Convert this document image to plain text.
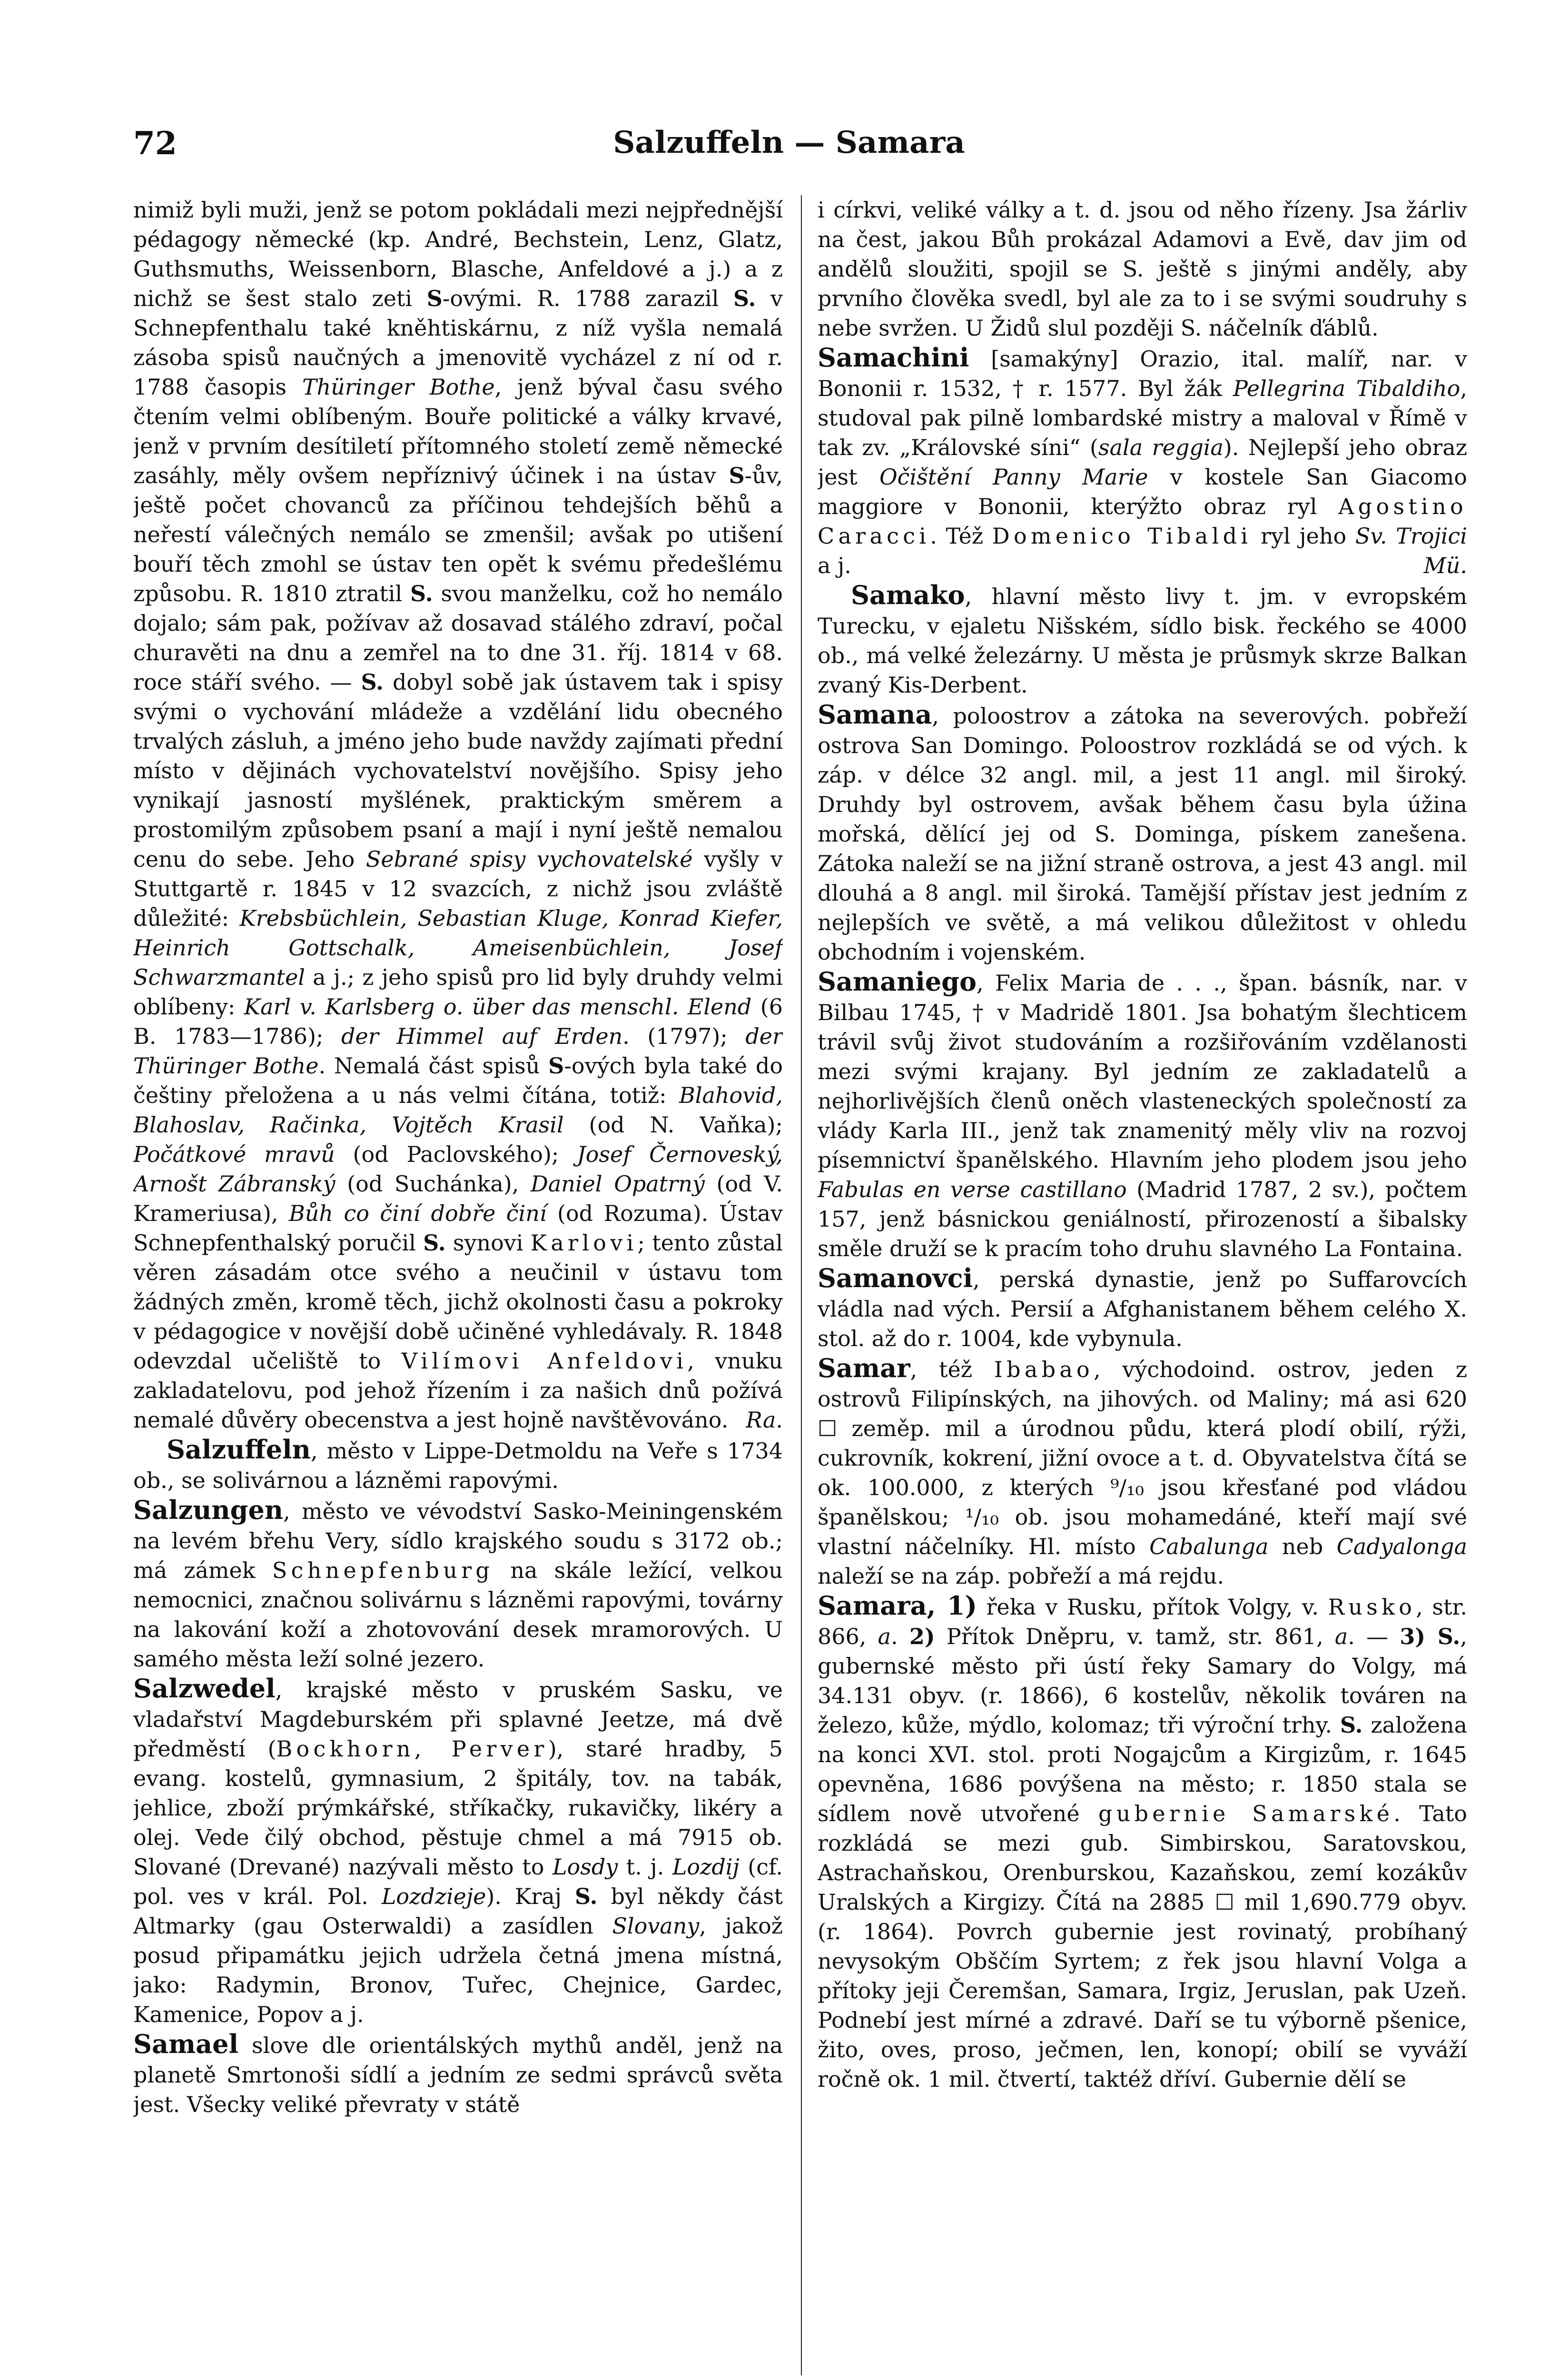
72	Salzuffeln — Samara

nimiž byli muži, jenž se potom pokládali mezi nejpřednější pédagogy německé (kp. André, Bechstein, Lenz, Glatz, Guthsmuths, Weissenborn, Blasche, Anfeldové a j.) a z nichž se šest stalo zeti S-ovými. R. 1788 zarazil S. v Schnepfenthalu také kněhtiskárnu, z níž vyšla nemalá zásoba spisů naučných a jmenovitě vycházel z ní od r. 1788 časopis Thüringer Bothe, jenž býval času svého čtením velmi oblíbeným. Bouře politické a války krvavé, jenž v prvním desítiletí přítomného století země německé zasáhly, měly ovšem nepříznivý účinek i na ústav S-ův, ještě počet chovanců za příčinou tehdejších běhů a neřestí válečných nemálo se zmenšil; avšak po utišení bouří těch zmohl se ústav ten opět k svému předešlému způsobu. R. 1810 ztratil S. svou manželku, což ho nemálo dojalo; sám pak, požívav až dosavad stálého zdraví, počal churavěti na dnu a zemřel na to dne 31. říj. 1814 v 68. roce stáří svého. — S. dobyl sobě jak ústavem tak i spisy svými o vychování mládeže a vzdělání lidu obecného trvalých zásluh, a jméno jeho bude navždy zajímati přední místo v dějinách vychovatelství novějšího. Spisy jeho vynikají jasností myšlének, praktickým směrem a prostomilým způsobem psaní a mají i nyní ještě nemalou cenu do sebe. Jeho Sebrané spisy vychovatelské vyšly v Stuttgartě r. 1845 v 12 svazcích, z nichž jsou zvláště důležité: Krebsbüchlein, Sebastian Kluge, Konrad Kiefer, Heinrich Gottschalk, Ameisenbüchlein, Josef Schwarzmantel a j.; z jeho spisů pro lid byly druhdy velmi oblíbeny: Karl v. Karlsberg o. über das menschl. Elend (6 B. 1783—1786); der Himmel auf Erden. (1797); der Thüringer Bothe. Nemalá část spisů S-ových byla také do češtiny přeložena a u nás velmi čítána, totiž: Blahovid, Blahoslav, Račinka, Vojtěch Krasil (od N. Vaňka); Počátkové mravů (od Paclovského); Josef Černoveský, Arnošt Zábranský (od Suchánka), Daniel Opatrný (od V. Krameriusa), Bůh co činí dobře činí (od Rozuma). Ústav Schnepfenthalský poručil S. synovi Karlovi; tento zůstal věren zásadám otce svého a neučinil v ústavu tom žádných změn, kromě těch, jichž okolnosti času a pokroky v pédagogice v novější době učiněné vyhledávaly. R. 1848 odevzdal učeliště to Vilímovi Anfeldovi, vnuku zakladatelovu, pod jehož řízením i za našich dnů požívá nemalé důvěry obecenstva a jest hojně navštěvováno. Ra.

Salzuffeln, město v Lippe-Detmoldu na Veře s 1734 ob., se solivárnou a lázněmi rapovými.

Salzungen, město ve vévodství Sasko-Meiningenském na levém břehu Very, sídlo krajského soudu s 3172 ob.; má zámek Schnepfenburg na skále ležící, velkou nemocnici, značnou solivárnu s lázněmi rapovými, továrny na lakování koží a zhotovování desek mramorových. U samého města leží solné jezero.

Salzwedel, krajské město v pruském Sasku, ve vladařství Magdeburském při splavné Jeetze, má dvě předměstí (Bockhorn, Perver), staré hradby, 5 evang. kostelů, gymnasium, 2 špitály, tov. na tabák, jehlice, zboží prýmkářské, stříkačky, rukavičky, likéry a olej. Vede čilý obchod, pěstuje chmel a má 7915 ob. Slované (Drevané) nazývali město to Losdy t. j. Lozdij (cf. pol. ves v král. Pol. Lozdzieje). Kraj S. byl někdy část Altmarky (gau Osterwaldi) a zasídlen Slovany, jakož posud připamátku jejich udržela četná jmena místná, jako: Radymin, Bronov, Tuřec, Chejnice, Gardec, Kamenice, Popov a j.

Samael slove dle orientálských mythů anděl, jenž na planetě Smrtonoši sídlí a jedním ze sedmi správců světa jest. Všecky veliké převraty v státě

i církvi, veliké války a t. d. jsou od něho řízeny. Jsa žárliv na čest, jakou Bůh prokázal Adamovi a Evě, dav jim od andělů sloužiti, spojil se S. ještě s jinými anděly, aby prvního člověka svedl, byl ale za to i se svými soudruhy s nebe svržen. U Židů slul později S. náčelník ďáblů.

Samachini [samakýny] Orazio, ital. malíř, nar. v Bononii r. 1532, † r. 1577. Byl žák Pellegrina Tibaldiho, studoval pak pilně lombardské mistry a maloval v Římě v tak zv. „Královské síni“ (sala reggia). Nejlepší jeho obraz jest Očištění Panny Marie v kostele San Giacomo maggiore v Bononii, kterýžto obraz ryl Agostino Caracci. Též Domenico Tibaldi ryl jeho Sv. Trojici a j.	Mü.

Samako, hlavní město livy t. jm. v evropském Turecku, v ejaletu Nišském, sídlo bisk. řeckého se 4000 ob., má velké železárny. U města je průsmyk skrze Balkan zvaný Kis-Derbent.

Samana, poloostrov a zátoka na severových. pobřeží ostrova San Domingo. Poloostrov rozkládá se od vých. k záp. v délce 32 angl. mil, a jest 11 angl. mil široký. Druhdy byl ostrovem, avšak během času byla úžina mořská, dělící jej od S. Dominga, pískem zanešena. Zátoka naleží se na jižní straně ostrova, a jest 43 angl. mil dlouhá a 8 angl. mil široká. Tamější přístav jest jedním z nejlepších ve světě, a má velikou důležitost v ohledu obchodním i vojenském.

Samaniego, Felix Maria de . . ., špan. básník, nar. v Bilbau 1745, † v Madridě 1801. Jsa bohatým šlechticem trávil svůj život studováním a rozšiřováním vzdělanosti mezi svými krajany. Byl jedním ze zakladatelů a nejhorlivějších členů oněch vlasteneckých společností za vlády Karla III., jenž tak znamenitý měly vliv na rozvoj písemnictví španělského. Hlavním jeho plodem jsou jeho Fabulas en verse castillano (Madrid 1787, 2 sv.), počtem 157, jenž básnickou geniálností, přirozeností a šibalsky směle druží se k pracím toho druhu slavného La Fontaina.

Samanovci, perská dynastie, jenž po Suffarovcích vládla nad vých. Persií a Afghanistanem během celého X. stol. až do r. 1004, kde vybynula.

Samar, též Ibabao, východoind. ostrov, jeden z ostrovů Filipínských, na jihových. od Maliny; má asi 620 ☐ zeměp. mil a úrodnou půdu, která plodí obilí, rýži, cukrovník, kokrení, jižní ovoce a t. d. Obyvatelstva čítá se ok. 100.000, z kterých ⁹/₁₀ jsou křesťané pod vládou španělskou; ¹/₁₀ ob. jsou mohamedáné, kteří mají své vlastní náčelníky. Hl. místo Cabalunga neb Cadyalonga naleží se na záp. pobřeží a má rejdu.

Samara, 1) řeka v Rusku, přítok Volgy, v. Rusko, str. 866, a. 2) Přítok Dněpru, v. tamž, str. 861, a. — 3) S., gubernské město při ústí řeky Samary do Volgy, má 34.131 obyv. (r. 1866), 6 kostelův, několik továren na železo, kůže, mýdlo, kolomaz; tři výroční trhy. S. založena na konci XVI. stol. proti Nogajcům a Kirgizům, r. 1645 opevněna, 1686 povýšena na město; r. 1850 stala se sídlem nově utvořené gubernie Samarské. Tato rozkládá se mezi gub. Simbirskou, Saratovskou, Astrachaňskou, Orenburskou, Kazaňskou, zemí kozákův Uralských a Kirgizy. Čítá na 2885 ☐ mil 1,690.779 obyv. (r. 1864). Povrch gubernie jest rovinatý, probíhaný nevysokým Obščím Syrtem; z řek jsou hlavní Volga a přítoky jeji Čeremšan, Samara, Irgiz, Jeruslan, pak Uzeň. Podnebí jest mírné a zdravé. Daří se tu výborně pšenice, žito, oves, proso, ječmen, len, konopí; obilí se vyváží ročně ok. 1 mil. čtvertí, taktéž dříví. Gubernie dělí se
